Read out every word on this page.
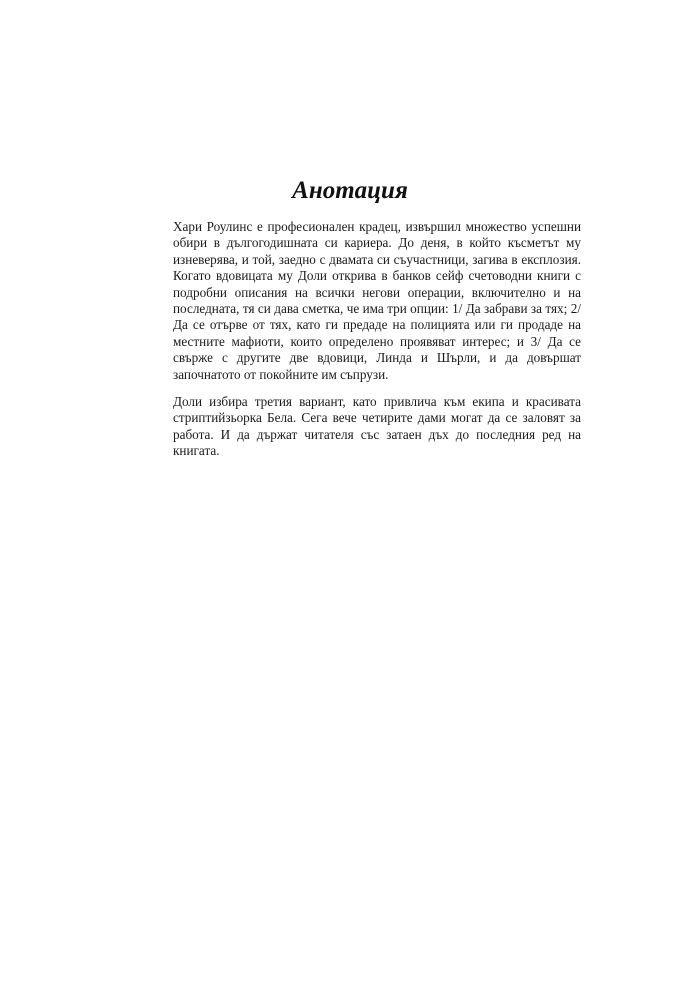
Анотация

Хари Роулинс е професионален крадец, извършил множество успешни обири в дългогодишната си кариера. До деня, в който късметът му изневерява, и той, заедно с двамата си съучастници, загива в експлозия. Когато вдовицата му Доли открива в банков сейф счетоводни книги с подробни описания на всички негови операции, включително и на последната, тя си дава сметка, че има три опции: 1/ Да забрави за тях; 2/ Да се отърве от тях, като ги предаде на полицията или ги продаде на местните мафиоти, които определено проявяват интерес; и 3/ Да се свърже с другите две вдовици, Линда и Шърли, и да довършат започнатото от покойните им съпрузи.

Доли избира третия вариант, като привлича към екипа и красивата стриптийзьорка Бела. Сега вече четирите дами могат да се заловят за работа. И да държат читателя със затаен дъх до последния ред на книгата.
